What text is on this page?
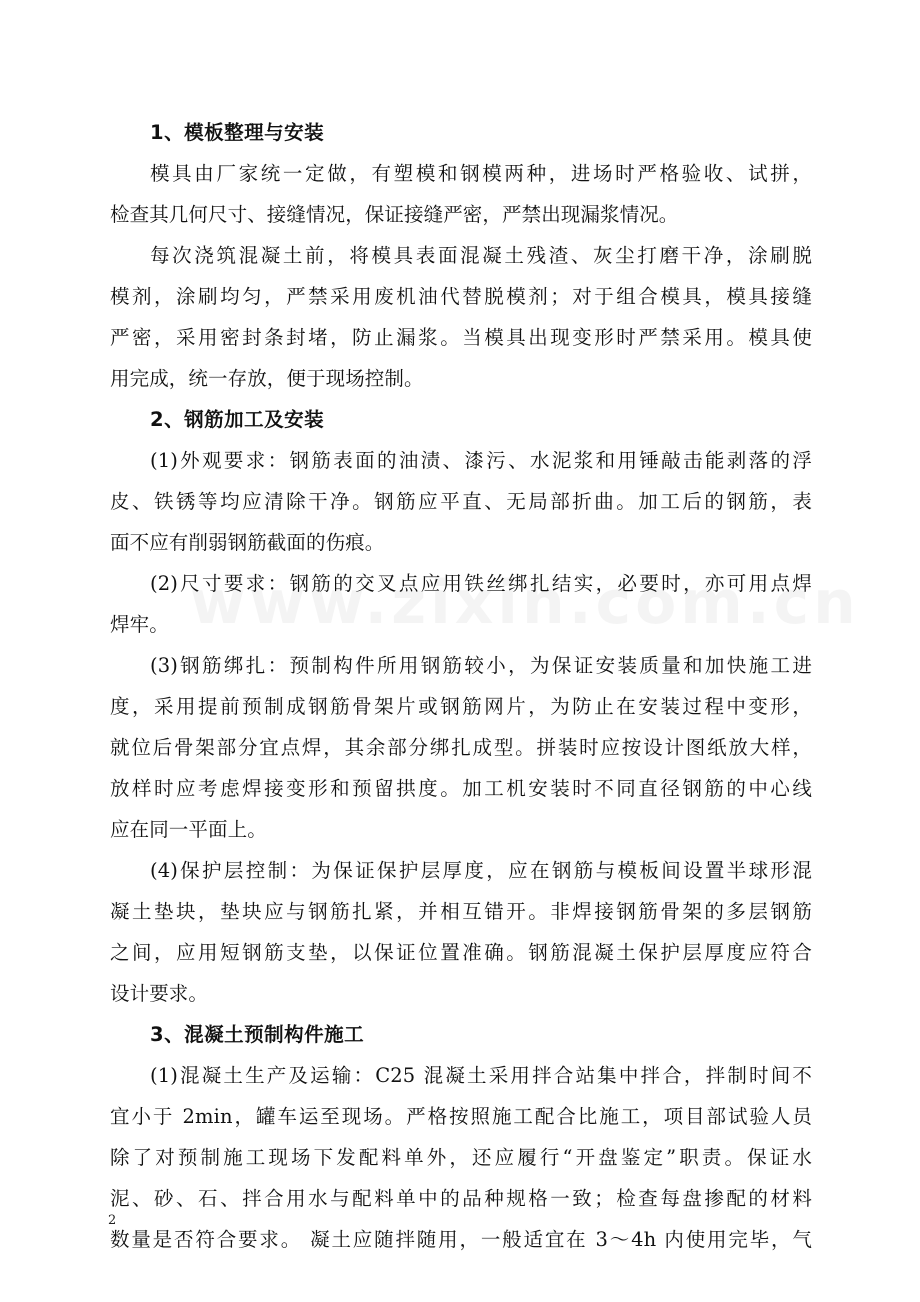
1、模板整理与安装

模具由厂家统一定做，有塑模和钢模两种，进场时严格验收、试拼，
检查其几何尺寸、接缝情况，保证接缝严密，严禁出现漏浆情况。

每次浇筑混凝土前，将模具表面混凝土残渣、灰尘打磨干净，涂刷脱
模剂，涂刷均匀，严禁采用废机油代替脱模剂；对于组合模具，模具接缝
严密，采用密封条封堵，防止漏浆。当模具出现变形时严禁采用。模具使
用完成，统一存放，便于现场控制。

2、钢筋加工及安装

(1)外观要求：钢筋表面的油渍、漆污、水泥浆和用锤敲击能剥落的浮
皮、铁锈等均应清除干净。钢筋应平直、无局部折曲。加工后的钢筋，表
面不应有削弱钢筋截面的伤痕。

(2)尺寸要求：钢筋的交叉点应用铁丝绑扎结实，必要时，亦可用点焊
焊牢。

(3)钢筋绑扎：预制构件所用钢筋较小，为保证安装质量和加快施工进
度，采用提前预制成钢筋骨架片或钢筋网片，为防止在安装过程中变形，
就位后骨架部分宜点焊，其余部分绑扎成型。拼装时应按设计图纸放大样，
放样时应考虑焊接变形和预留拱度。加工机安装时不同直径钢筋的中心线
应在同一平面上。

(4)保护层控制：为保证保护层厚度，应在钢筋与模板间设置半球形混
凝土垫块，垫块应与钢筋扎紧，并相互错开。非焊接钢筋骨架的多层钢筋
之间，应用短钢筋支垫，以保证位置准确。钢筋混凝土保护层厚度应符合
设计要求。

3、混凝土预制构件施工

(1)混凝土生产及运输：C25 混凝土采用拌合站集中拌合，拌制时间不
宜小于 2min，罐车运至现场。严格按照施工配合比施工，项目部试验人员
除了对预制施工现场下发配料单外，还应履行“开盘鉴定”职责。保证水
泥、砂、石、拌合用水与配料单中的品种规格一致；检查每盘掺配的材料
数量是否符合要求。 凝土应随拌随用，一般适宜在 3～4h 内使用完毕，气

2
